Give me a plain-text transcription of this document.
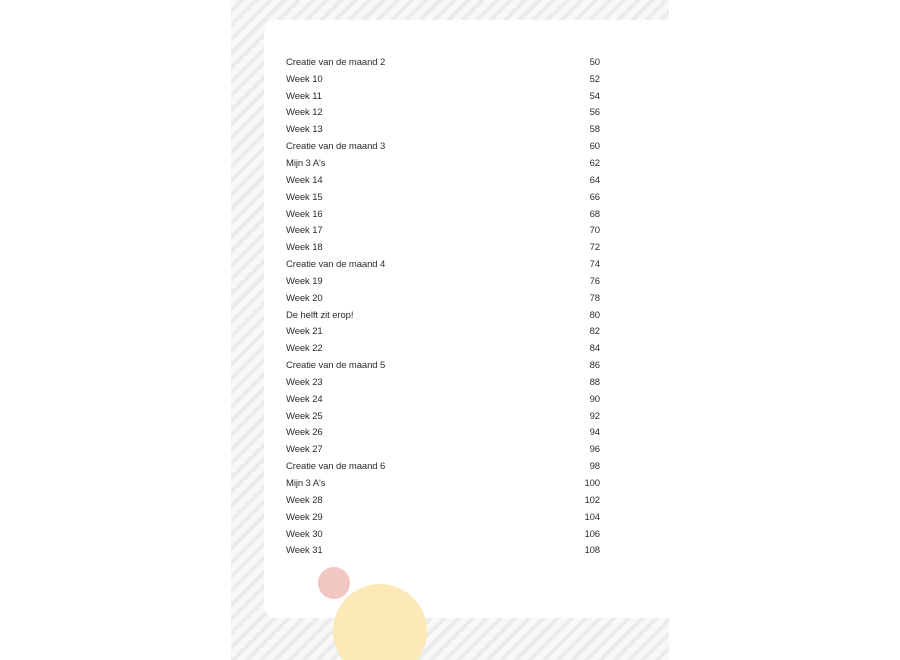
Creatie van de maand 2	50
Week 10	52
Week 11	54
Week 12	56
Week 13	58
Creatie van de maand 3	60
Mijn 3 A's	62
Week 14	64
Week 15	66
Week 16	68
Week 17	70
Week 18	72
Creatie van de maand 4	74
Week 19	76
Week 20	78
De helft zit erop!	80
Week 21	82
Week 22	84
Creatie van de maand 5	86
Week 23	88
Week 24	90
Week 25	92
Week 26	94
Week 27	96
Creatie van de maand 6	98
Mijn 3 A's	100
Week 28	102
Week 29	104
Week 30	106
Week 31	108
